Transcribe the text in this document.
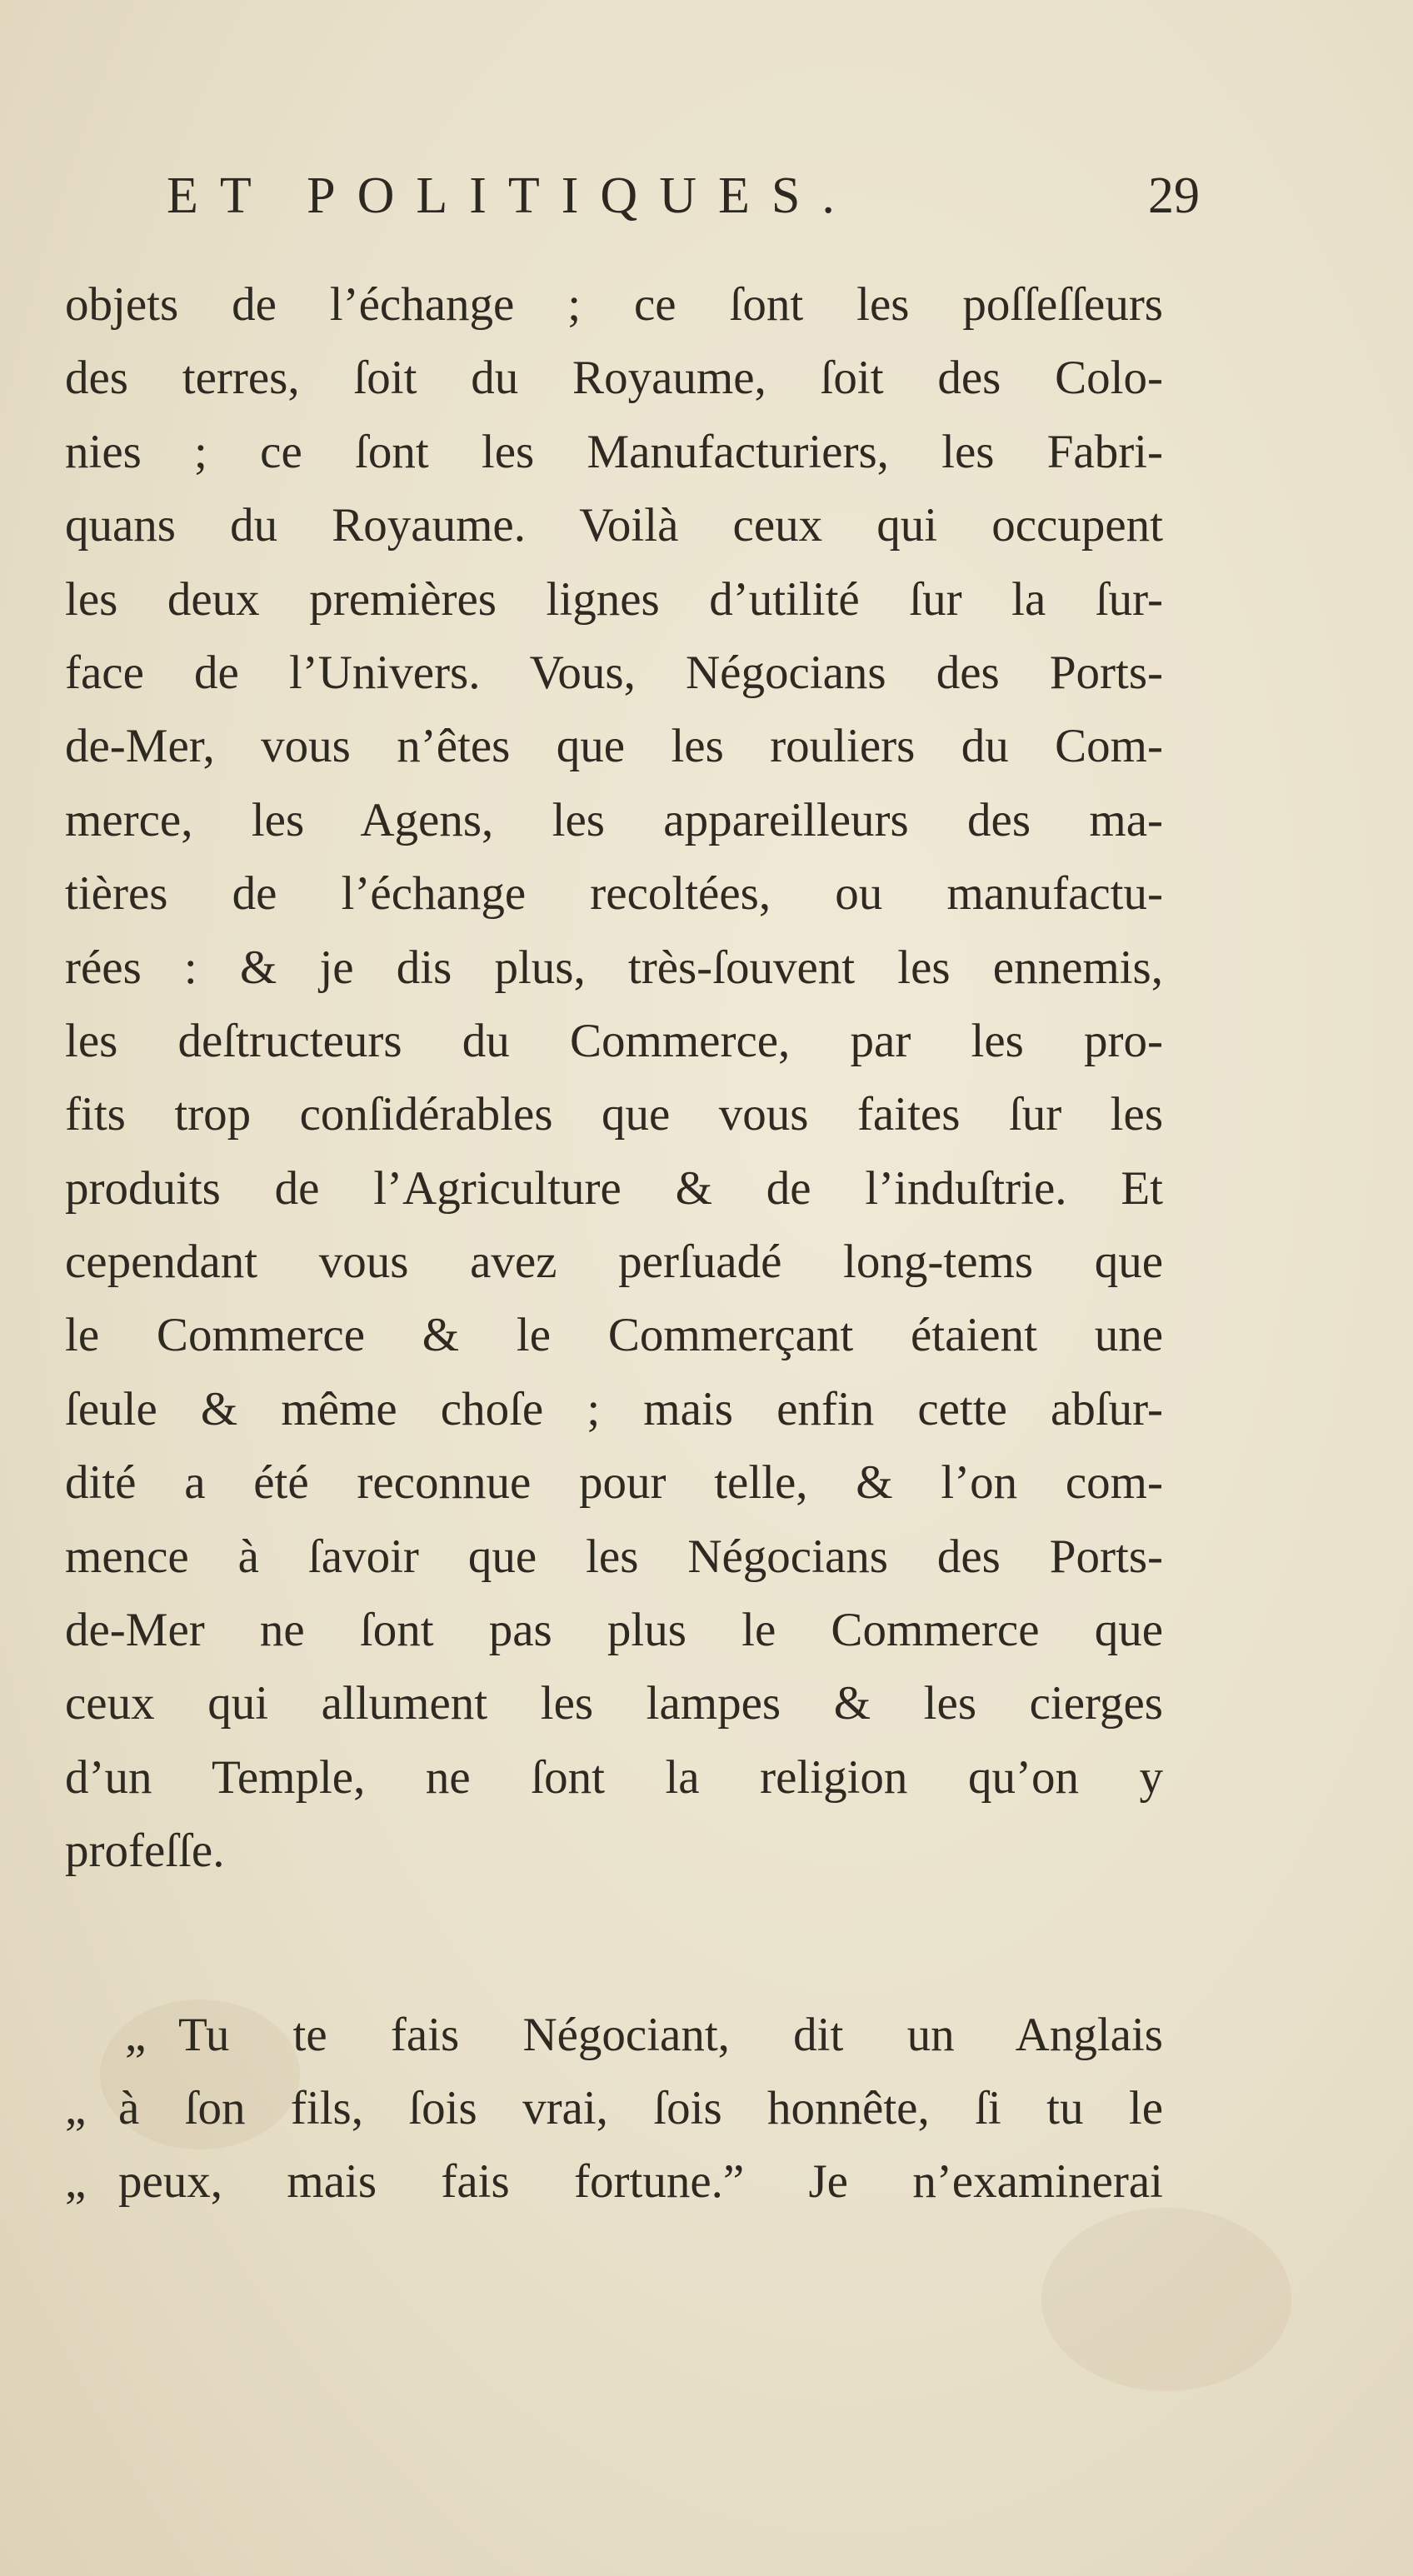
ET POLITIQUES.	29
objets de l’échange ; ce ſont les poſſeſſeurs
des terres, ſoit du Royaume, ſoit des Colo-
nies ; ce ſont les Manufacturiers, les Fabri-
quans du Royaume. Voilà ceux qui occupent
les deux premières lignes d’utilité ſur la ſur-
face de l’Univers. Vous, Négocians des Ports-
de-Mer, vous n’êtes que les rouliers du Com-
merce, les Agens, les appareilleurs des ma-
tières de l’échange recoltées, ou manufactu-
rées : & je dis plus, très-ſouvent les ennemis,
les deſtructeurs du Commerce, par les pro-
fits trop conſidérables que vous faites ſur les
produits de l’Agriculture & de l’induſtrie. Et
cependant vous avez perſuadé long-tems que
le Commerce & le Commerçant étaient une
ſeule & même choſe ; mais enfin cette abſur-
dité a été reconnue pour telle, & l’on com-
mence à ſavoir que les Négocians des Ports-
de-Mer ne ſont pas plus le Commerce que
ceux qui allument les lampes & les cierges
d’un Temple, ne ſont la religion qu’on y
profeſſe.
„ Tu te fais Négociant, dit un Anglais
„ à ſon fils, ſois vrai, ſois honnête, ſi tu le
„ peux, mais fais fortune.” Je n’examinerai
